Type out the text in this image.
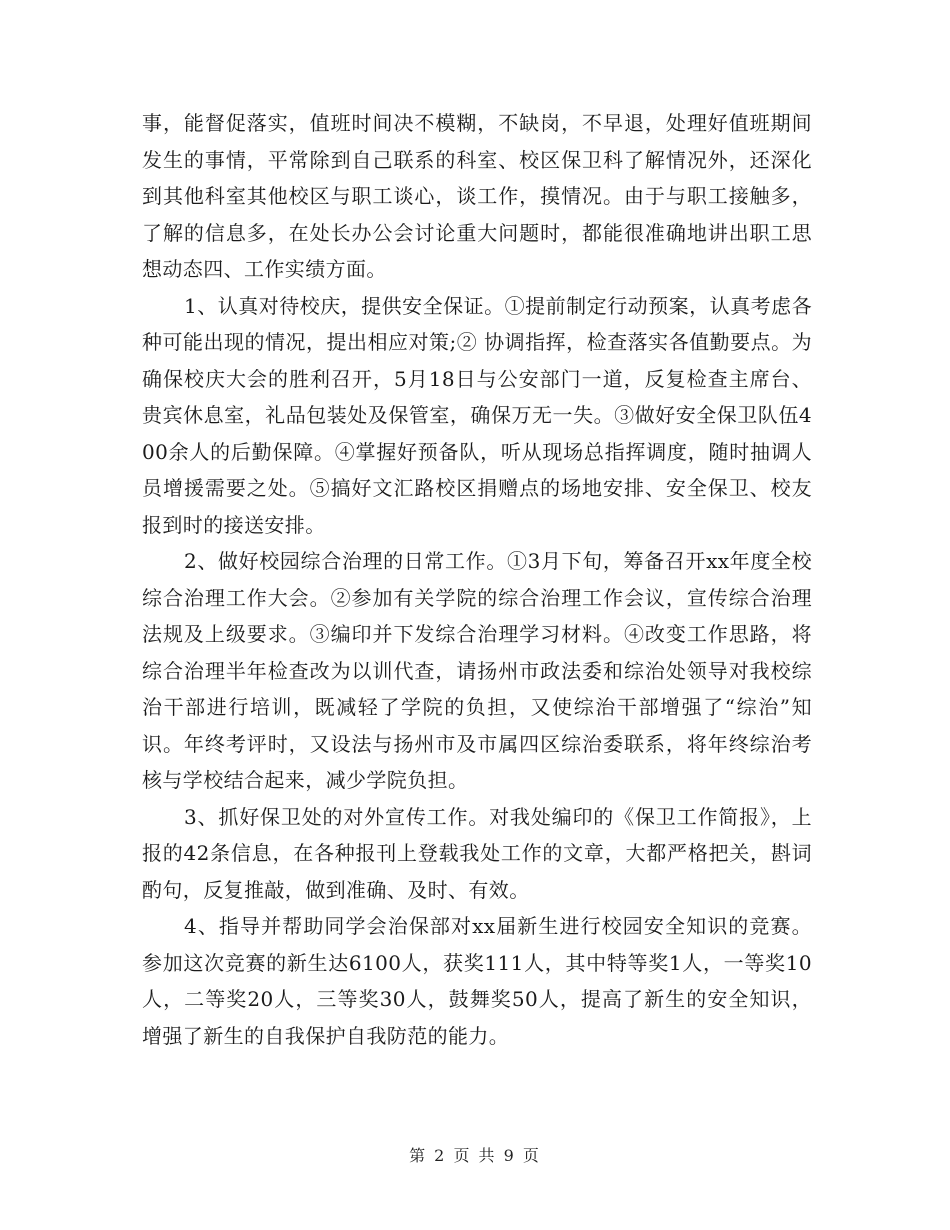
事，能督促落实，值班时间决不模糊，不缺岗，不早退，处理好值班期间发生的事情，平常除到自己联系的科室、校区保卫科了解情况外，还深化到其他科室其他校区与职工谈心，谈工作，摸情况。由于与职工接触多，了解的信息多，在处长办公会讨论重大问题时，都能很准确地讲出职工思想动态四、工作实绩方面。

1、认真对待校庆，提供安全保证。①提前制定行动预案，认真考虑各种可能出现的情况，提出相应对策;② 协调指挥，检查落实各值勤要点。为确保校庆大会的胜利召开，5月18日与公安部门一道，反复检查主席台、贵宾休息室，礼品包装处及保管室，确保万无一失。③做好安全保卫队伍400余人的后勤保障。④掌握好预备队，听从现场总指挥调度，随时抽调人员增援需要之处。⑤搞好文汇路校区捐赠点的场地安排、安全保卫、校友报到时的接送安排。

2、做好校园综合治理的日常工作。①3月下旬，筹备召开xx年度全校综合治理工作大会。②参加有关学院的综合治理工作会议，宣传综合治理法规及上级要求。③编印并下发综合治理学习材料。④改变工作思路，将综合治理半年检查改为以训代查，请扬州市政法委和综治处领导对我校综治干部进行培训，既减轻了学院的负担，又使综治干部增强了“综治”知识。年终考评时，又设法与扬州市及市属四区综治委联系，将年终综治考核与学校结合起来，减少学院负担。

3、抓好保卫处的对外宣传工作。对我处编印的《保卫工作简报》，上报的42条信息，在各种报刊上登载我处工作的文章，大都严格把关，斟词酌句，反复推敲，做到准确、及时、有效。

4、指导并帮助同学会治保部对xx届新生进行校园安全知识的竞赛。参加这次竞赛的新生达6100人，获奖111人，其中特等奖1人，一等奖10人，二等奖20人，三等奖30人，鼓舞奖50人，提高了新生的安全知识，增强了新生的自我保护自我防范的能力。

第 2 页 共 9 页
